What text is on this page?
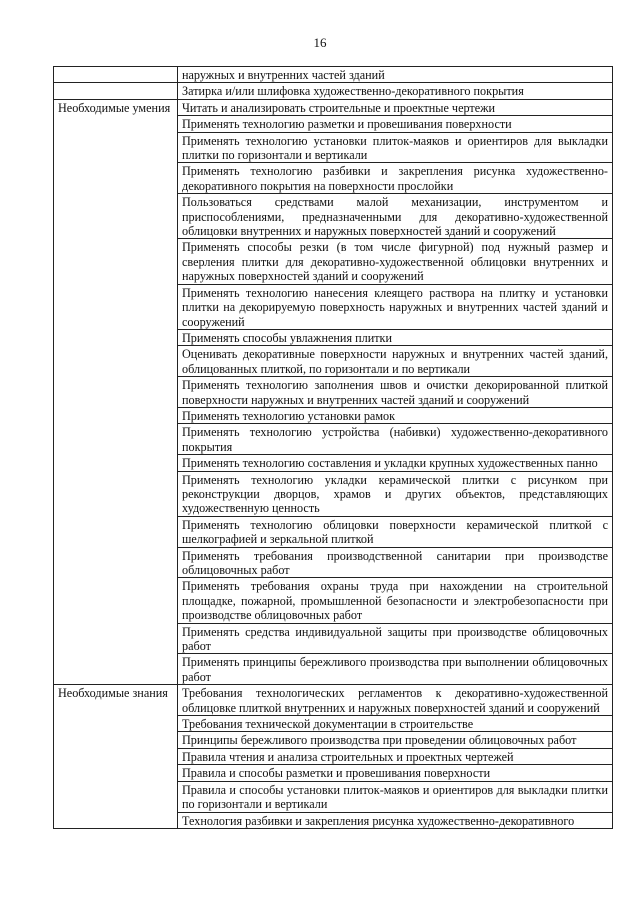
16
	наружных и внутренних частей зданий
	Затирка и/или шлифовка художественно-декоративного покрытия
Необходимые умения	Читать и анализировать строительные и проектные чертежи
	Применять технологию разметки и провешивания поверхности
	Применять технологию установки плиток-маяков и ориентиров для выкладки плитки по горизонтали и вертикали
	Применять технологию разбивки и закрепления рисунка художественно-декоративного покрытия на поверхности прослойки
	Пользоваться средствами малой механизации, инструментом и приспособлениями, предназначенными для декоративно-художественной облицовки внутренних и наружных поверхностей зданий и сооружений
	Применять способы резки (в том числе фигурной) под нужный размер и сверления плитки для декоративно-художественной облицовки внутренних и наружных поверхностей зданий и сооружений
	Применять технологию нанесения клеящего раствора на плитку и установки плитки на декорируемую поверхность наружных и внутренних частей зданий и сооружений
	Применять способы увлажнения плитки
	Оценивать декоративные поверхности наружных и внутренних частей зданий, облицованных плиткой, по горизонтали и по вертикали
	Применять технологию заполнения швов и очистки декорированной плиткой поверхности наружных и внутренних частей зданий и сооружений
	Применять технологию установки рамок
	Применять технологию устройства (набивки) художественно-декоративного покрытия
	Применять технологию составления и укладки крупных художественных панно
	Применять технологию укладки керамической плитки с рисунком при реконструкции дворцов, храмов и других объектов, представляющих художественную ценность
	Применять технологию облицовки поверхности керамической плиткой с шелкографией и зеркальной плиткой
	Применять требования производственной санитарии при производстве облицовочных работ
	Применять требования охраны труда при нахождении на строительной площадке, пожарной, промышленной безопасности и электробезопасности при производстве облицовочных работ
	Применять средства индивидуальной защиты при производстве облицовочных работ
	Применять принципы бережливого производства при выполнении облицовочных работ
Необходимые знания	Требования технологических регламентов к декоративно-художественной облицовке плиткой внутренних и наружных поверхностей зданий и сооружений
	Требования технической документации в строительстве
	Принципы бережливого производства при проведении облицовочных работ
	Правила чтения и анализа строительных и проектных чертежей
	Правила и способы разметки и провешивания поверхности
	Правила и способы установки плиток-маяков и ориентиров для выкладки плитки по горизонтали и вертикали
	Технология разбивки и закрепления рисунка художественно-декоративного
